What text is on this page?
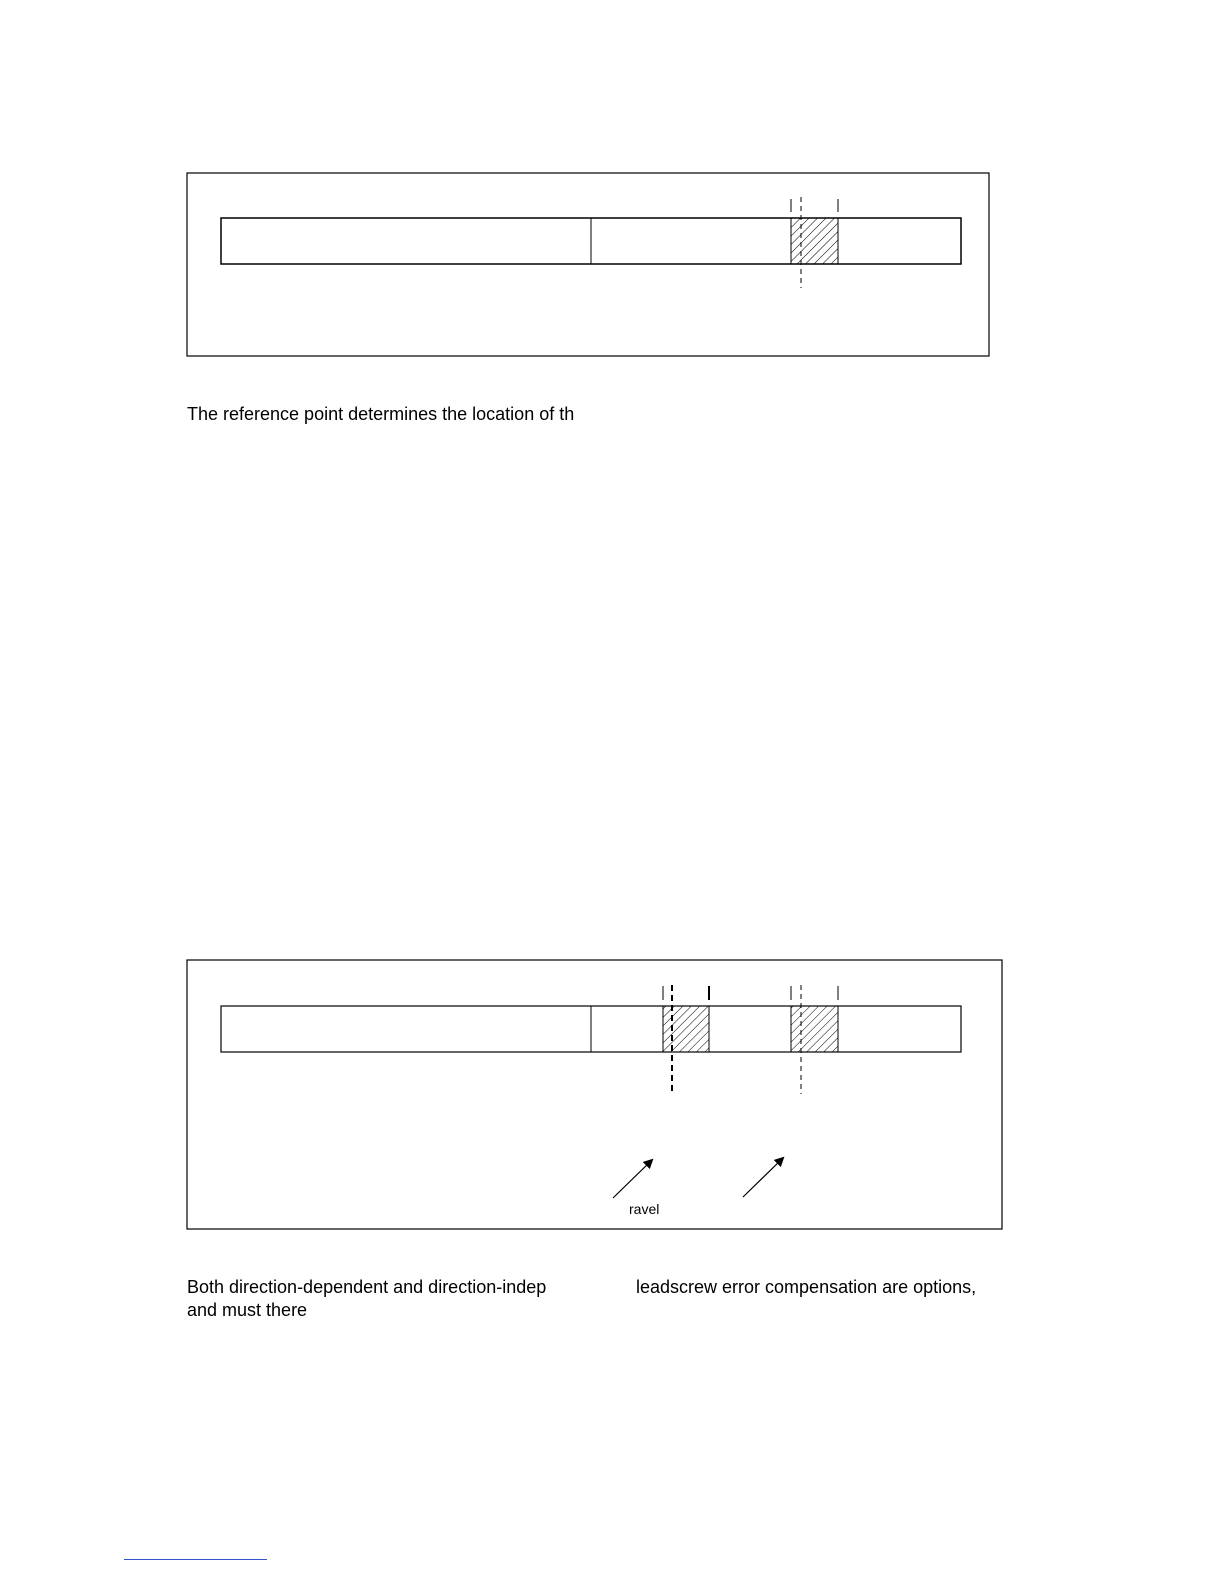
The reference point determines the location of th
ravel
Both direction-dependent and direction-indep	leadscrew error compensation are options,
and must there
